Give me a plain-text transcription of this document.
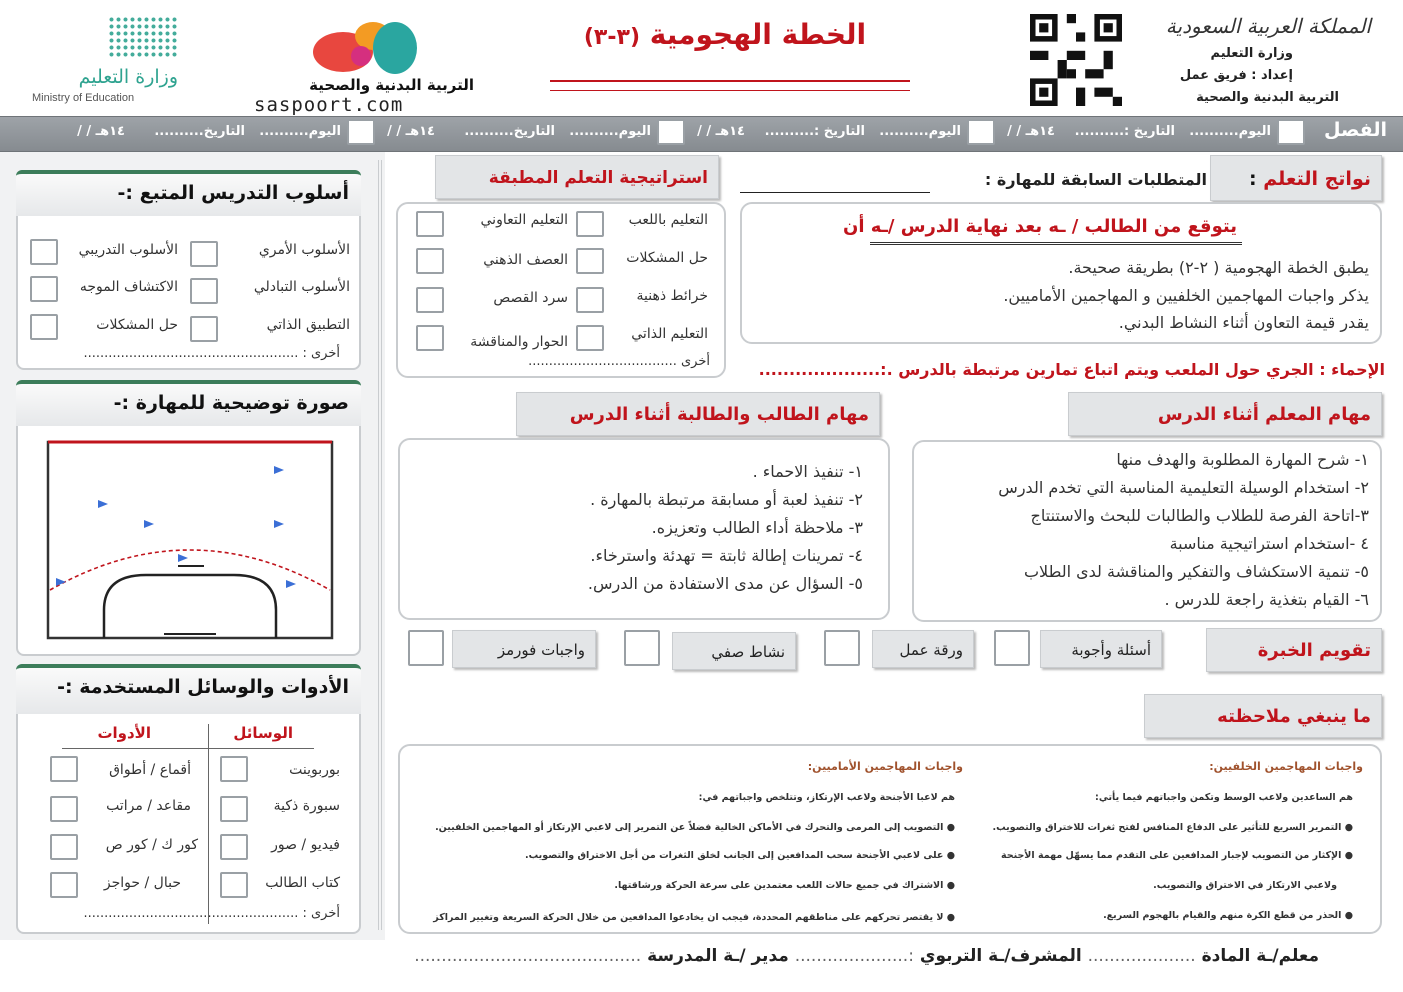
وزارة التعليم
Ministry of Education
التربية البدنية والصحية
saspoort.com
الخطة الهجومية (٣-٣)	المملكة العربية السعودية
وزارة التعليم
إعداد : فريق عمل
التربية البدنية والصحية
الفصل
اليوم..........
التاريخ :..........
١٤هـ / /
اليوم..........
التاريخ :..........
١٤هـ / /
اليوم..........
التاريخ..........
١٤هـ / /
اليوم..........
التاريخ..........
١٤هـ / /
أسلوب التدريس المتبع :-
الأسلوب الأمري
الأسلوب التدريبي
الأسلوب التبادلي
الاكتشاف الموجه
التطبيق الذاتي
حل المشكلات
أخرى : ....................................................
صورة توضيحية للمهارة :-
الأدوات والوسائل المستخدمة :-
الوسائل
الأدوات
بوربوينت
أقماع / أطواق
سبورة ذكية
مقاعد / مراتب
فيديو / صور
كور ك / كور ص
كتاب الطالب
حبال / حواجز
أخرى : ....................................................
نواتج التعلم :
المتطلبات السابقة للمهارة :
يتوقع من الطالب / ـه بعد نهاية الدرس /ـه أن
يطبق الخطة الهجومية ( ٢-٢) بطريقة صحيحة.
يذكر واجبات المهاجمين الخلفيين و المهاجمين الأماميين.
يقدر قيمة التعاون أثناء النشاط البدني.
استراتيجية التعلم المطبقة
التعليم باللعب
التعليم التعاوني
حل المشكلات
العصف الذهني
خرائط ذهنية
سرد القصص
التعليم الذاتي
الحوار والمناقشة
أخرى ....................................	الإحماء : الجري حول الملعب ويتم اتباع تمارين مرتبطة بالدرس .:....................
مهام المعلم أثناء الدرس
مهام الطالب والطالبة أثناء الدرس
١- شرح المهارة المطلوبة والهدف منها
٢- استخدام الوسيلة التعليمية المناسبة التي تخدم الدرس
٣-اتاحة الفرصة للطلاب والطالبات للبحث والاستنتاج
٤ -استخدام استراتيجية مناسبة
٥- تنمية الاستكشاف والتفكير والمناقشة لدى الطلاب
٦- القيام بتغذية راجعة للدرس .
١- تنفيذ الاحماء .
٢- تنفيذ لعبة أو مسابقة مرتبطة بالمهارة .
٣- ملاحظة أداء الطالب وتعزيزه.
٤- تمرينات إطالة ثابتة = تهدئة واسترخاء.
٥- السؤال عن مدى الاستفادة من الدرس.
تقويم الخبرة
أسئلة وأجوبة
ورقة عمل
نشاط صفي
واجبات فورمز
ما ينبغي ملاحظته
واجبات المهاجمين الخلفيين:
هم الساعدين ولاعب الوسط وتكمن واجباتهم فيما يأتي:
● التمرير السريع للتأثير على الدفاع المنافس لفتح ثغرات للاختراق والتصويب.
● الإكثار من التصويب لإجبار المدافعين على التقدم مما يسهّل مهمة الأجنحة
ولاعبي الارتكاز في الاختراق والتصويب.
● الحذر من قطع الكرة منهم والقيام بالهجوم السريع.
واجبات المهاجمين الأماميين:
هم لاعبا الأجنحة ولاعب الإرتكاز، وتتلخص واجباتهم في:
● التصويب إلى المرمى والتحرك في الأماكن الخالية فضلاً عن التمرير إلى لاعبي الإرتكاز أو المهاجمين الخلفيين.
● على لاعبي الأجنحة سحب المدافعين إلى الجانب لخلق الثغرات من أجل الاختراق والتصويب.
● الاشتراك في جميع حالات اللعب معتمدين على سرعة الحركة ورشاقتها.
● لا يقتصر تحركهم على مناطقهم المحددة، فيجب ان يخادعوا المدافعين من خلال الحركة السريعة وتغيير المراكز
معلم/ـة المادة .................... المشرف/ـة التربوي :..................... مدير /ـة المدرسة ..........................................
